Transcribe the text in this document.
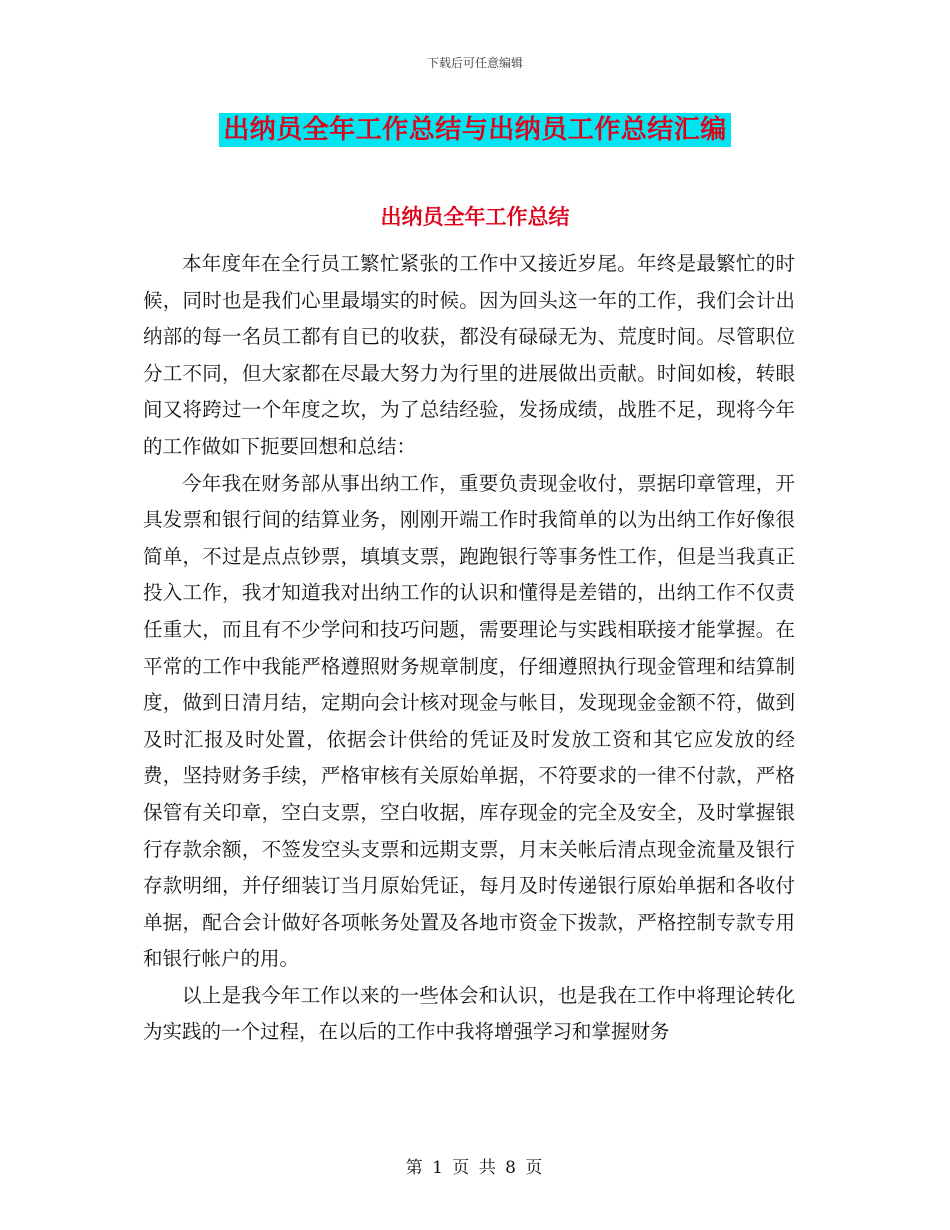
下载后可任意编辑
出纳员全年工作总结与出纳员工作总结汇编
出纳员全年工作总结

本年度年在全行员工繁忙紧张的工作中又接近岁尾。年终是最繁忙的时候，同时也是我们心里最塌实的时候。因为回头这一年的工作，我们会计出纳部的每一名员工都有自已的收获，都没有碌碌无为、荒度时间。尽管职位分工不同，但大家都在尽最大努力为行里的进展做出贡献。时间如梭，转眼间又将跨过一个年度之坎，为了总结经验，发扬成绩，战胜不足，现将今年的工作做如下扼要回想和总结：

今年我在财务部从事出纳工作，重要负责现金收付，票据印章管理，开具发票和银行间的结算业务，刚刚开端工作时我简单的以为出纳工作好像很简单，不过是点点钞票，填填支票，跑跑银行等事务性工作，但是当我真正投入工作，我才知道我对出纳工作的认识和懂得是差错的，出纳工作不仅责任重大，而且有不少学问和技巧问题，需要理论与实践相联接才能掌握。在平常的工作中我能严格遵照财务规章制度，仔细遵照执行现金管理和结算制度，做到日清月结，定期向会计核对现金与帐目，发现现金金额不符，做到及时汇报及时处置，依据会计供给的凭证及时发放工资和其它应发放的经费，坚持财务手续，严格审核有关原始单据，不符要求的一律不付款，严格保管有关印章，空白支票，空白收据，库存现金的完全及安全，及时掌握银行存款余额，不签发空头支票和远期支票，月末关帐后清点现金流量及银行存款明细，并仔细装订当月原始凭证，每月及时传递银行原始单据和各收付单据，配合会计做好各项帐务处置及各地市资金下拨款，严格控制专款专用和银行帐户的用。

以上是我今年工作以来的一些体会和认识，也是我在工作中将理论转化为实践的一个过程，在以后的工作中我将增强学习和掌握财务

第 1 页 共 8 页
